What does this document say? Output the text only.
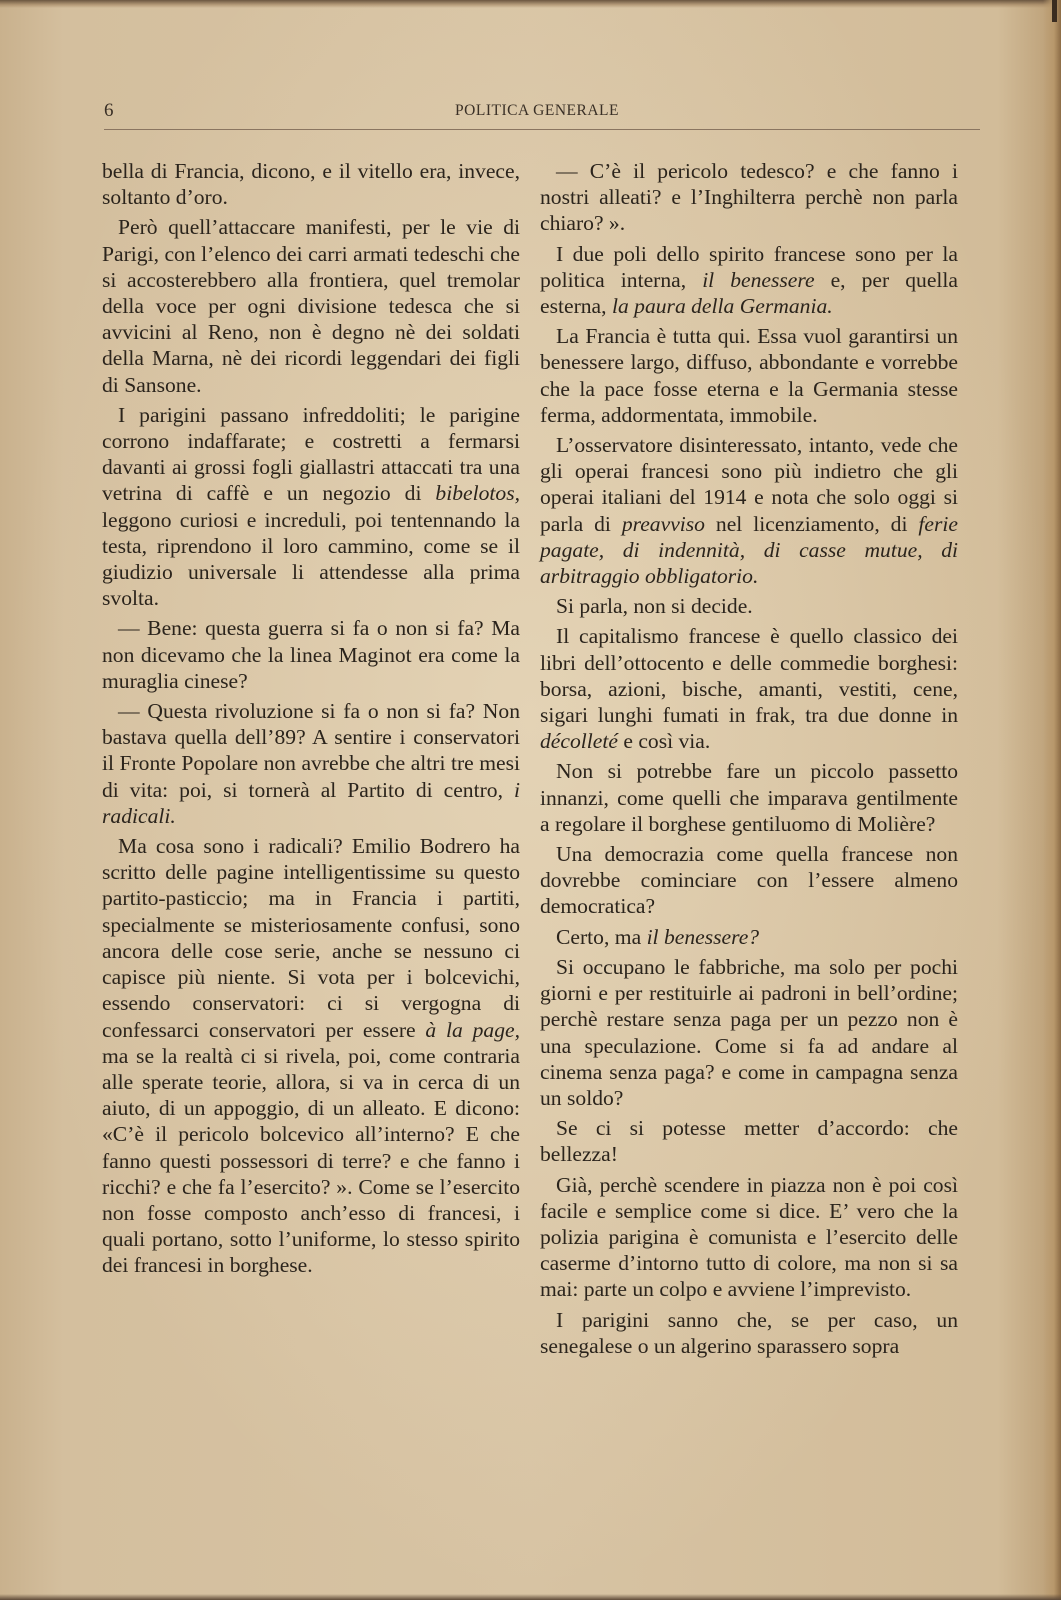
6	POLITICA GENERALE

bella di Francia, dicono, e il vitello era, invece, soltanto d’oro.

Però quell’attaccare manifesti, per le vie di Parigi, con l’elenco dei carri armati tedeschi che si accosterebbero alla frontiera, quel tremolar della voce per ogni divisione tedesca che si avvicini al Reno, non è degno nè dei soldati della Marna, nè dei ricordi leggendari dei figli di Sansone.

I parigini passano infreddoliti; le parigine corrono indaffarate; e costretti a fermarsi davanti ai grossi fogli giallastri attaccati tra una vetrina di caffè e un negozio di bibelotos, leggono curiosi e increduli, poi tentennando la testa, riprendono il loro cammino, come se il giudizio universale li attendesse alla prima svolta.

— Bene: questa guerra si fa o non si fa? Ma non dicevamo che la linea Maginot era come la muraglia cinese?

— Questa rivoluzione si fa o non si fa? Non bastava quella dell’89? A sentire i conservatori il Fronte Popolare non avrebbe che altri tre mesi di vita: poi, si tornerà al Partito di centro, i radicali.

Ma cosa sono i radicali? Emilio Bodrero ha scritto delle pagine intelligentissime su questo partito-pasticcio; ma in Francia i partiti, specialmente se misteriosamente confusi, sono ancora delle cose serie, anche se nessuno ci capisce più niente. Si vota per i bolcevichi, essendo conservatori: ci si vergogna di confessarci conservatori per essere à la page, ma se la realtà ci si rivela, poi, come contraria alle sperate teorie, allora, si va in cerca di un aiuto, di un appoggio, di un alleato. E dicono: «C’è il pericolo bolcevico all’interno? E che fanno questi possessori di terre? e che fanno i ricchi? e che fa l’esercito? ». Come se l’esercito non fosse composto anch’esso di francesi, i quali portano, sotto l’uniforme, lo stesso spirito dei francesi in borghese.

— C’è il pericolo tedesco? e che fanno i nostri alleati? e l’Inghilterra perchè non parla chiaro? ».

I due poli dello spirito francese sono per la politica interna, il benessere e, per quella esterna, la paura della Germania.

La Francia è tutta qui. Essa vuol garantirsi un benessere largo, diffuso, abbondante e vorrebbe che la pace fosse eterna e la Germania stesse ferma, addormentata, immobile.

L’osservatore disinteressato, intanto, vede che gli operai francesi sono più indietro che gli operai italiani del 1914 e nota che solo oggi si parla di preavviso nel licenziamento, di ferie pagate, di indennità, di casse mutue, di arbitraggio obbligatorio.

Si parla, non si decide.

Il capitalismo francese è quello classico dei libri dell’ottocento e delle commedie borghesi: borsa, azioni, bische, amanti, vestiti, cene, sigari lunghi fumati in frak, tra due donne in décolleté e così via.

Non si potrebbe fare un piccolo passetto innanzi, come quelli che imparava gentilmente a regolare il borghese gentiluomo di Molière?

Una democrazia come quella francese non dovrebbe cominciare con l’essere almeno democratica?

Certo, ma il benessere?

Si occupano le fabbriche, ma solo per pochi giorni e per restituirle ai padroni in bell’ordine; perchè restare senza paga per un pezzo non è una speculazione. Come si fa ad andare al cinema senza paga? e come in campagna senza un soldo?

Se ci si potesse metter d’accordo: che bellezza!

Già, perchè scendere in piazza non è poi così facile e semplice come si dice. E’ vero che la polizia parigina è comunista e l’esercito delle caserme d’intorno tutto di colore, ma non si sa mai: parte un colpo e avviene l’imprevisto.

I parigini sanno che, se per caso, un senegalese o un algerino sparassero sopra
